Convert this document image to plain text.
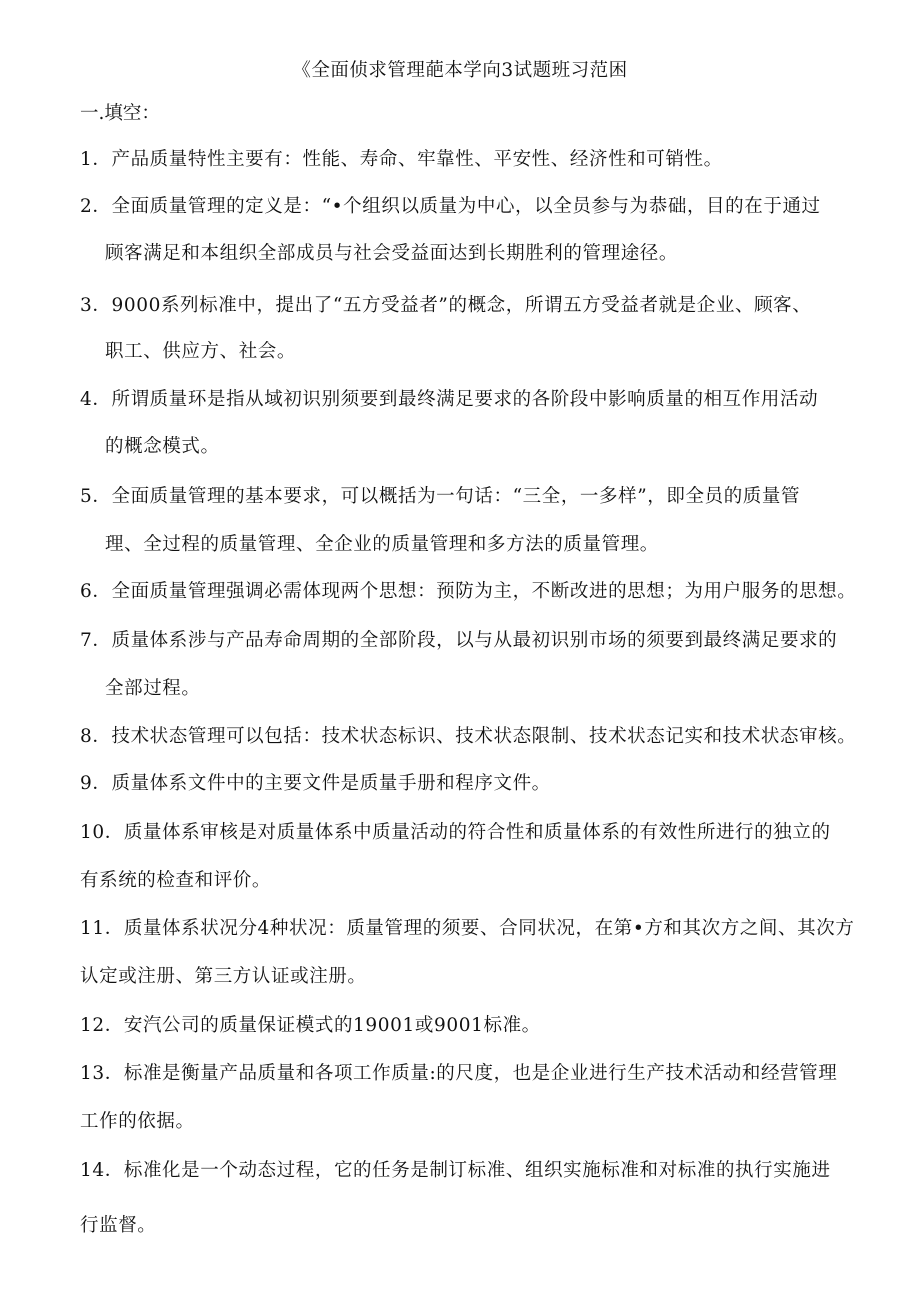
《全面侦求管理葩本学向3试题班习范困
一.填空：
1．产品质量特性主要有：性能、寿命、牢靠性、平安性、经济性和可销性。
2．全面质量管理的定义是：“•个组织以质量为中心，以全员参与为恭础，目的在于通过
顾客满足和本组织全部成员与社会受益面达到长期胜利的管理途径。
3．9000系列标准中，提出了“五方受益者”的概念，所谓五方受益者就是企业、顾客、
职工、供应方、社会。
4．所谓质量环是指从域初识别须要到最终满足要求的各阶段中影响质量的相互作用活动
的概念模式。
5．全面质量管理的基本要求，可以概括为一句话：“三全，一多样”，即全员的质量管
理、全过程的质量管理、全企业的质量管理和多方法的质量管理。
6．全面质量管理强调必需体现两个思想：预防为主，不断改进的思想；为用户服务的思想。
7．质量体系涉与产品寿命周期的全部阶段，以与从最初识别市场的须要到最终满足要求的
全部过程。
8．技术状态管理可以包括：技术状态标识、技术状态限制、技术状态记实和技术状态审核。
9．质量体系文件中的主要文件是质量手册和程序文件。
10．质量体系审核是对质量体系中质量活动的符合性和质量体系的有效性所进行的独立的
有系统的检查和评价。
11．质量体系状况分4种状况：质量管理的须要、合同状况，在第•方和其次方之间、其次方
认定或注册、第三方认证或注册。
12．安汽公司的质量保证模式的19001或9001标准。
13．标准是衡量产品质量和各项工作质量:的尺度，也是企业进行生产技术活动和经营管理
工作的依据。
14．标准化是一个动态过程，它的任务是制订标准、组织实施标准和对标准的执行实施进
行监督。
